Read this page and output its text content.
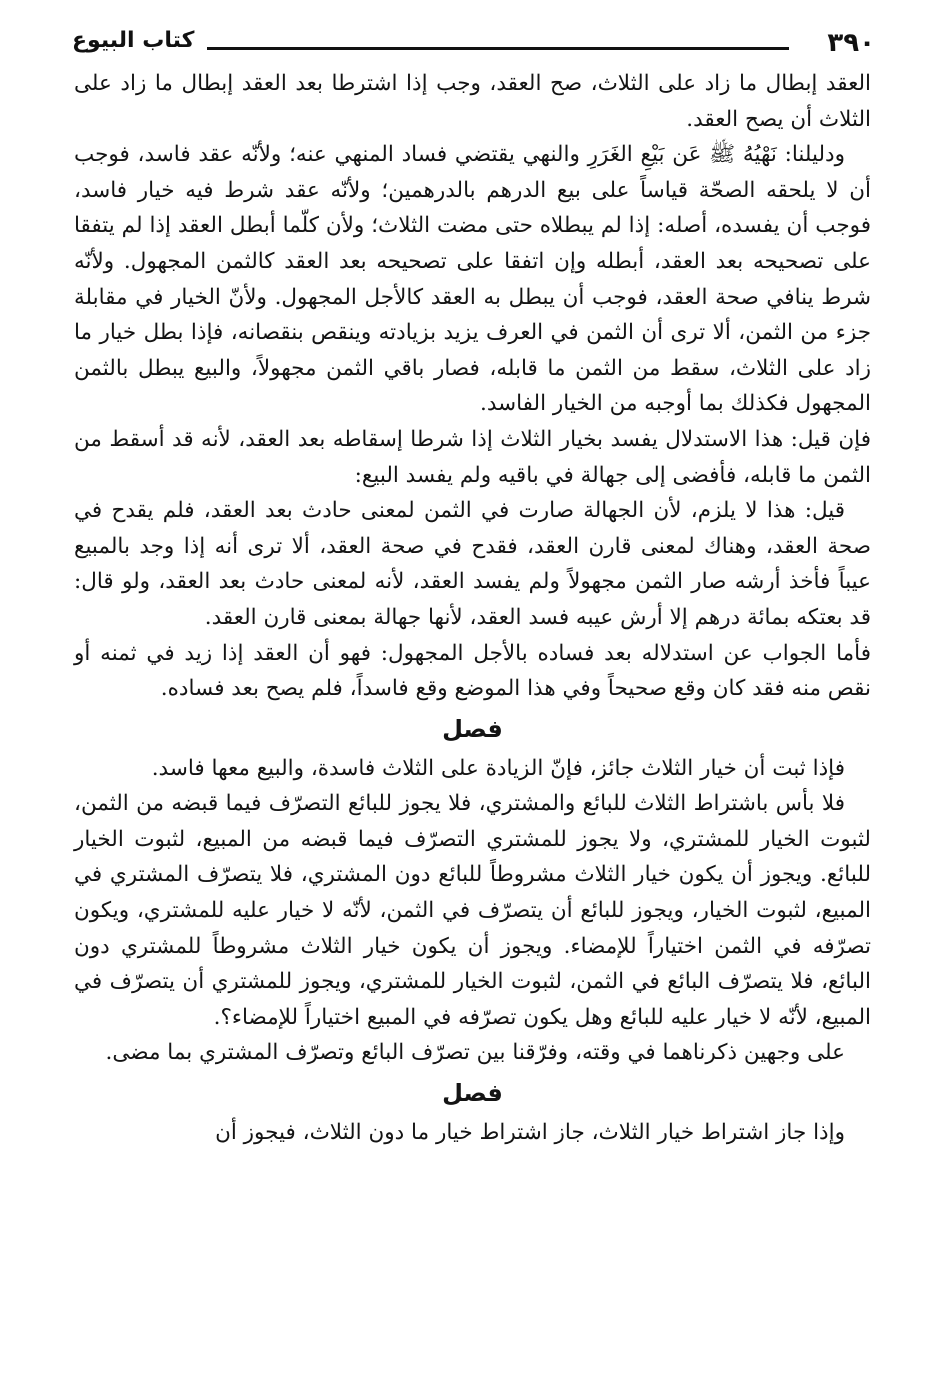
٣٩٠
كتاب البيوع

العقد إبطال ما زاد على الثلاث، صح العقد، وجب إذا اشترطا بعد العقد إبطال ما زاد على الثلاث أن يصح العقد.

ودليلنا: نَهْيُهُ ﷺ عَن بَيْعِ الغَرَرِ والنهي يقتضي فساد المنهي عنه؛ ولأنّه عقد فاسد، فوجب أن لا يلحقه الصحّة قياساً على بيع الدرهم بالدرهمين؛ ولأنّه عقد شرط فيه خيار فاسد، فوجب أن يفسده، أصله: إذا لم يبطلاه حتى مضت الثلاث؛ ولأن كلّما أبطل العقد إذا لم يتفقا على تصحيحه بعد العقد، أبطله وإن اتفقا على تصحيحه بعد العقد كالثمن المجهول. ولأنّه شرط ينافي صحة العقد، فوجب أن يبطل به العقد كالأجل المجهول. ولأنّ الخيار في مقابلة جزء من الثمن، ألا ترى أن الثمن في العرف يزيد بزيادته وينقص بنقصانه، فإذا بطل خيار ما زاد على الثلاث، سقط من الثمن ما قابله، فصار باقي الثمن مجهولاً، والبيع يبطل بالثمن المجهول فكذلك بما أوجبه من الخيار الفاسد.

فإن قيل: هذا الاستدلال يفسد بخيار الثلاث إذا شرطا إسقاطه بعد العقد، لأنه قد أسقط من الثمن ما قابله، فأفضى إلى جهالة في باقيه ولم يفسد البيع:

قيل: هذا لا يلزم، لأن الجهالة صارت في الثمن لمعنى حادث بعد العقد، فلم يقدح في صحة العقد، وهناك لمعنى قارن العقد، فقدح في صحة العقد، ألا ترى أنه إذا وجد بالمبيع عيباً فأخذ أرشه صار الثمن مجهولاً ولم يفسد العقد، لأنه لمعنى حادث بعد العقد، ولو قال: قد بعتكه بمائة درهم إلا أرش عيبه فسد العقد، لأنها جهالة بمعنى قارن العقد.

فأما الجواب عن استدلاله بعد فساده بالأجل المجهول: فهو أن العقد إذا زيد في ثمنه أو نقص منه فقد كان وقع صحيحاً وفي هذا الموضع وقع فاسداً، فلم يصح بعد فساده.

فصل

فإذا ثبت أن خيار الثلاث جائز، فإنّ الزيادة على الثلاث فاسدة، والبيع معها فاسد.

فلا بأس باشتراط الثلاث للبائع والمشتري، فلا يجوز للبائع التصرّف فيما قبضه من الثمن، لثبوت الخيار للمشتري، ولا يجوز للمشتري التصرّف فيما قبضه من المبيع، لثبوت الخيار للبائع. ويجوز أن يكون خيار الثلاث مشروطاً للبائع دون المشتري، فلا يتصرّف المشتري في المبيع، لثبوت الخيار، ويجوز للبائع أن يتصرّف في الثمن، لأنّه لا خيار عليه للمشتري، ويكون تصرّفه في الثمن اختياراً للإمضاء. ويجوز أن يكون خيار الثلاث مشروطاً للمشتري دون البائع، فلا يتصرّف البائع في الثمن، لثبوت الخيار للمشتري، ويجوز للمشتري أن يتصرّف في المبيع، لأنّه لا خيار عليه للبائع وهل يكون تصرّفه في المبيع اختياراً للإمضاء؟.

على وجهين ذكرناهما في وقته، وفرّقنا بين تصرّف البائع وتصرّف المشتري بما مضى.

فصل

وإذا جاز اشتراط خيار الثلاث، جاز اشتراط خيار ما دون الثلاث، فيجوز أن
